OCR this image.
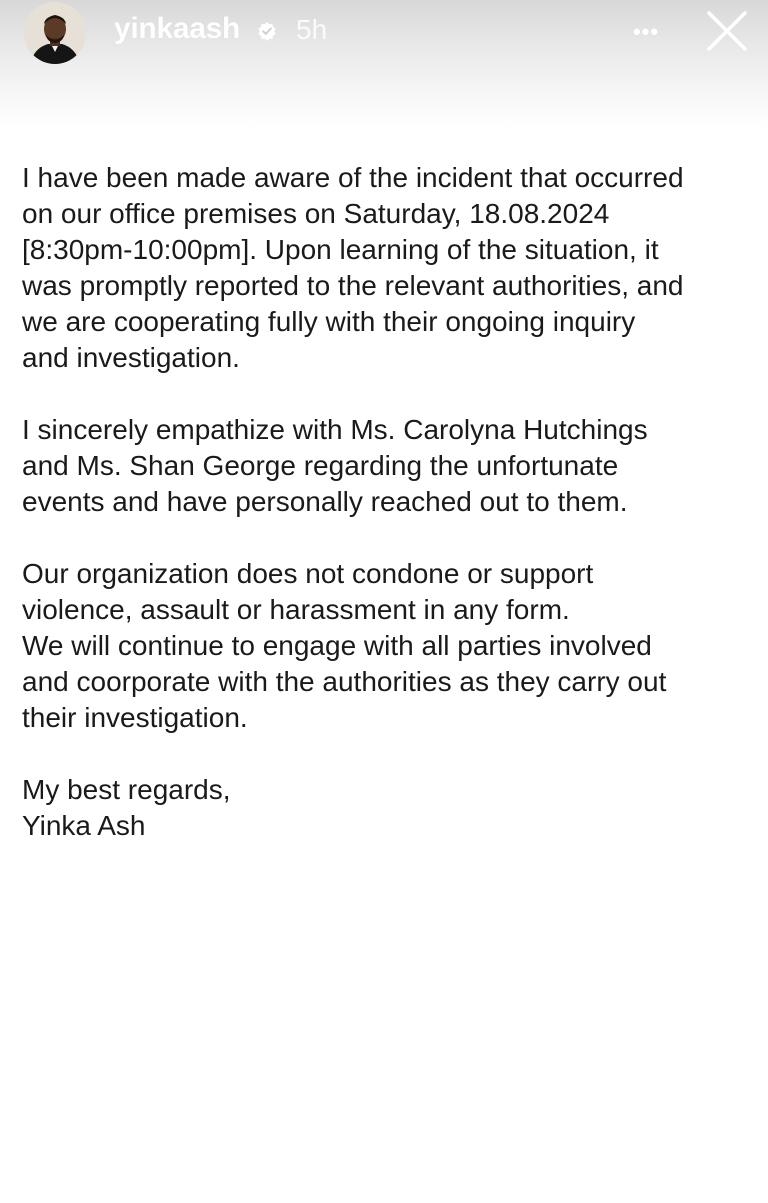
yinkaash 5h	•••

I have been made aware of the incident that occurred
on our office premises on Saturday, 18.08.2024
[8:30pm-10:00pm]. Upon learning of the situation, it
was promptly reported to the relevant authorities, and
we are cooperating fully with their ongoing inquiry
and investigation.

I sincerely empathize with Ms. Carolyna Hutchings
and Ms. Shan George regarding the unfortunate
events and have personally reached out to them.

Our organization does not condone or support
violence, assault or harassment in any form.
We will continue to engage with all parties involved
and coorporate with the authorities as they carry out
their investigation.

My best regards,
Yinka Ash
